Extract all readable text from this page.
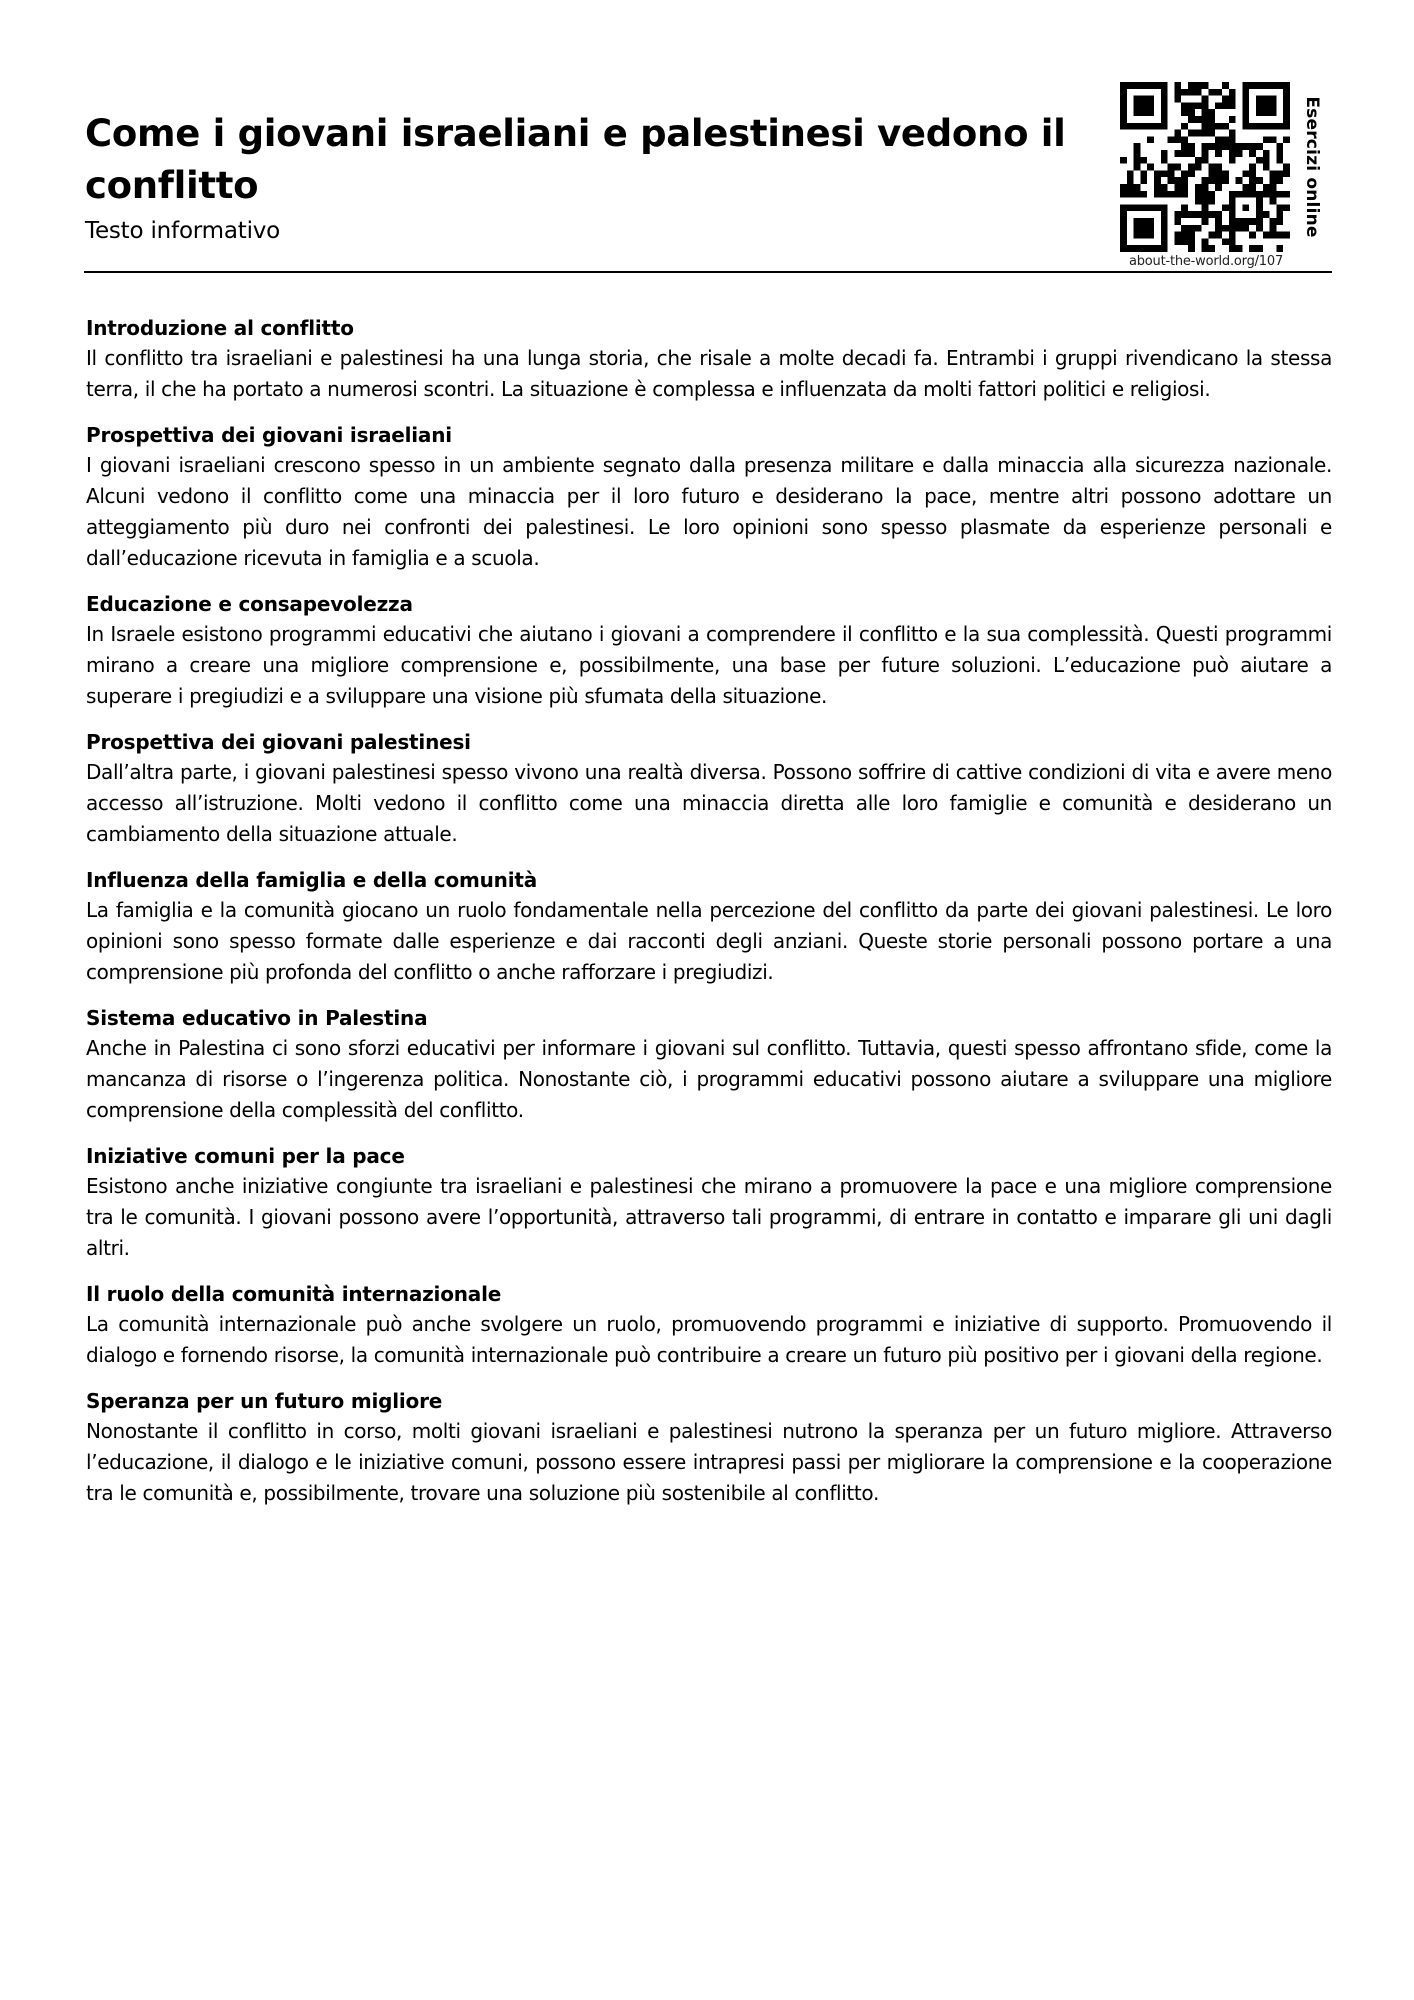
Come i giovani israeliani e palestinesi vedono il conflitto
Testo informativo
about-the-world.org/107
Esercizi online
Introduzione al conflitto

Il conflitto tra israeliani e palestinesi ha una lunga storia, che risale a molte decadi fa. Entrambi i gruppi rivendicano la stessa terra, il che ha portato a numerosi scontri. La situazione è complessa e influenzata da molti fattori politici e religiosi.

Prospettiva dei giovani israeliani

I giovani israeliani crescono spesso in un ambiente segnato dalla presenza militare e dalla minaccia alla sicurezza nazionale. Alcuni vedono il conflitto come una minaccia per il loro futuro e desiderano la pace, mentre altri possono adottare un atteggiamento più duro nei confronti dei palestinesi. Le loro opinioni sono spesso plasmate da esperienze personali e dall’educazione ricevuta in famiglia e a scuola.

Educazione e consapevolezza

In Israele esistono programmi educativi che aiutano i giovani a comprendere il conflitto e la sua complessità. Questi programmi mirano a creare una migliore comprensione e, possibilmente, una base per future soluzioni. L’educazione può aiutare a superare i pregiudizi e a sviluppare una visione più sfumata della situazione.

Prospettiva dei giovani palestinesi

Dall’altra parte, i giovani palestinesi spesso vivono una realtà diversa. Possono soffrire di cattive condizioni di vita e avere meno accesso all’istruzione. Molti vedono il conflitto come una minaccia diretta alle loro famiglie e comunità e desiderano un cambiamento della situazione attuale.

Influenza della famiglia e della comunità

La famiglia e la comunità giocano un ruolo fondamentale nella percezione del conflitto da parte dei giovani palestinesi. Le loro opinioni sono spesso formate dalle esperienze e dai racconti degli anziani. Queste storie personali possono portare a una comprensione più profonda del conflitto o anche rafforzare i pregiudizi.

Sistema educativo in Palestina

Anche in Palestina ci sono sforzi educativi per informare i giovani sul conflitto. Tuttavia, questi spesso affrontano sfide, come la mancanza di risorse o l’ingerenza politica. Nonostante ciò, i programmi educativi possono aiutare a sviluppare una migliore comprensione della complessità del conflitto.

Iniziative comuni per la pace

Esistono anche iniziative congiunte tra israeliani e palestinesi che mirano a promuovere la pace e una migliore comprensione tra le comunità. I giovani possono avere l’opportunità, attraverso tali programmi, di entrare in contatto e imparare gli uni dagli altri.

Il ruolo della comunità internazionale

La comunità internazionale può anche svolgere un ruolo, promuovendo programmi e iniziative di supporto. Promuovendo il dialogo e fornendo risorse, la comunità internazionale può contribuire a creare un futuro più positivo per i giovani della regione.

Speranza per un futuro migliore

Nonostante il conflitto in corso, molti giovani israeliani e palestinesi nutrono la speranza per un futuro migliore. Attraverso l’educazione, il dialogo e le iniziative comuni, possono essere intrapresi passi per migliorare la comprensione e la cooperazione tra le comunità e, possibilmente, trovare una soluzione più sostenibile al conflitto.
